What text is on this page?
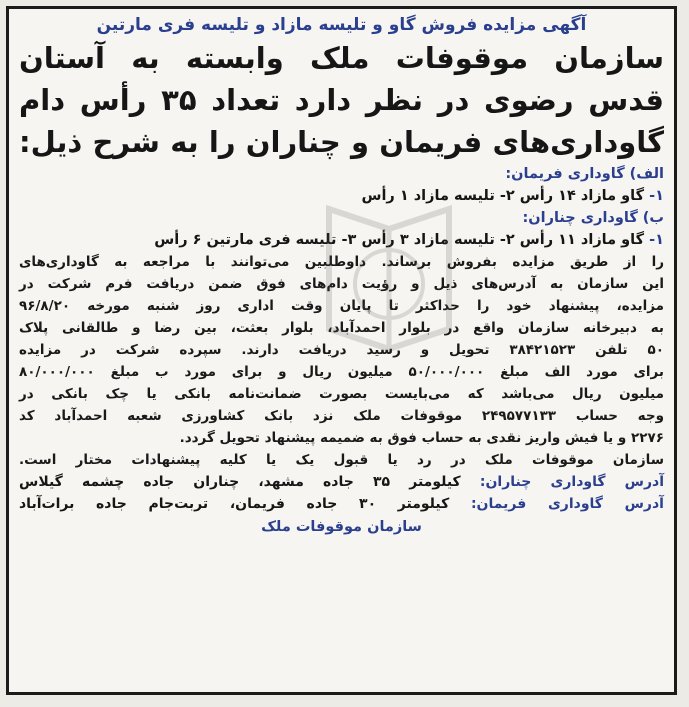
آگهی مزایده فروش گاو و تلیسه مازاد و تلیسه فری مارتین
سازمان موقوفات ملک وابسته به آستان
قدس رضوی در نظر دارد تعداد ۳۵ رأس دام
گاوداری‌های فریمان و چناران را به شرح ذیل:
الف) گاوداری فریمان:
۱- گاو مازاد ۱۴ رأس ۲- تلیسه مازاد ۱ رأس
ب) گاوداری چناران:
۱- گاو مازاد ۱۱ رأس ۲- تلیسه مازاد ۳ رأس ۳- تلیسه فری مارتین ۶ رأس
را از طریق مزایده بفروش برساند. داوطلبین می‌توانند با مراجعه به گاوداری‌های
این سازمان به آدرس‌های ذیل و رؤیت دام‌های فوق ضمن دریافت فرم شرکت در
مزایده، پیشنهاد خود را حداکثر تا پایان وقت اداری روز شنبه مورخه ۹۶/۸/۲۰
به دبیرخانه سازمان واقع در بلوار احمدآباد، بلوار بعثت، بین رضا و طالقانی پلاک
۵۰ تلفن ۳۸۴۲۱۵۲۳ تحویل و رسید دریافت دارند. سپرده شرکت در مزایده
برای مورد الف مبلغ ۵۰/۰۰۰/۰۰۰ میلیون ریال و برای مورد ب مبلغ ۸۰/۰۰۰/۰۰۰
میلیون ریال می‌باشد که می‌بایست بصورت ضمانت‌نامه بانکی یا چک بانکی در
وجه حساب ۲۴۹۵۷۷۱۳۳ موقوفات ملک نزد بانک کشاورزی شعبه احمدآباد کد
۲۲۷۶ و یا فیش واریز نقدی به حساب فوق به ضمیمه پیشنهاد تحویل گردد.
سازمان موقوفات ملک در رد یا قبول یک یا کلیه پیشنهادات مختار است.
آدرس گاوداری چناران: کیلومتر ۳۵ جاده مشهد، چناران جاده چشمه گیلاس
آدرس گاوداری فریمان: کیلومتر ۳۰ جاده فریمان، تربت‌جام جاده برات‌آباد
سازمان موقوفات ملک
